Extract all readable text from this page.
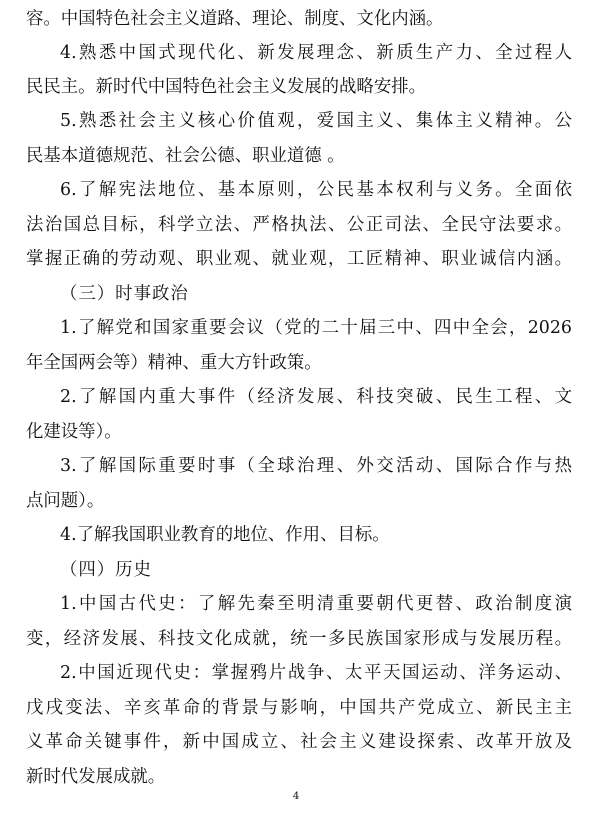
容。中国特色社会主义道路、理论、制度、文化内涵。
4.熟悉中国式现代化、新发展理念、新质生产力、全过程人
民民主。新时代中国特色社会主义发展的战略安排。
5.熟悉社会主义核心价值观，爱国主义、集体主义精神。公
民基本道德规范、社会公德、职业道德 。
6.了解宪法地位、基本原则，公民基本权利与义务。全面依
法治国总目标，科学立法、严格执法、公正司法、全民守法要求。
掌握正确的劳动观、职业观、就业观，工匠精神、职业诚信内涵。
（三）时事政治
1.了解党和国家重要会议（党的二十届三中、四中全会，2026
年全国两会等）精神、重大方针政策。
2.了解国内重大事件（经济发展、科技突破、民生工程、文
化建设等）。
3.了解国际重要时事（全球治理、外交活动、国际合作与热
点问题）。
4.了解我国职业教育的地位、作用、目标。
（四）历史
1.中国古代史：了解先秦至明清重要朝代更替、政治制度演
变，经济发展、科技文化成就，统一多民族国家形成与发展历程。
2.中国近现代史：掌握鸦片战争、太平天国运动、洋务运动、
戊戌变法、辛亥革命的背景与影响，中国共产党成立、新民主主
义革命关键事件，新中国成立、社会主义建设探索、改革开放及
新时代发展成就。
4
